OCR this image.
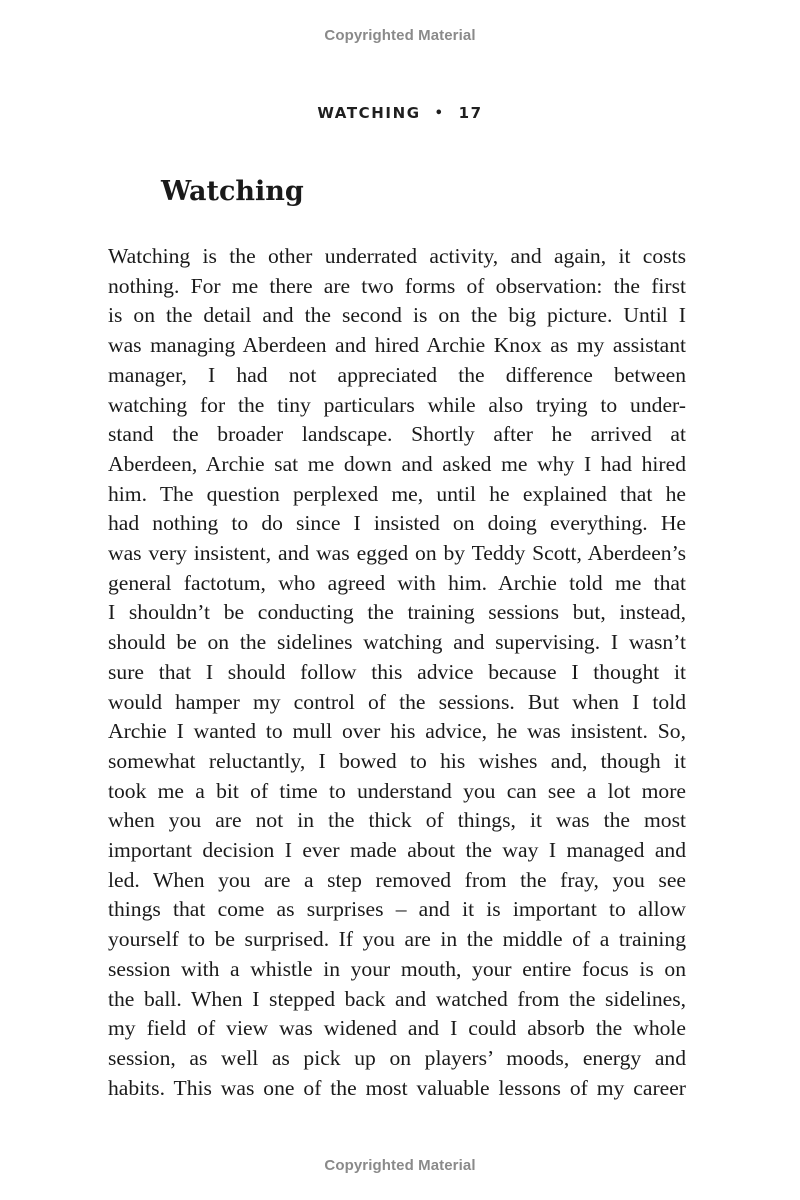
Copyrighted Material
WATCHING • 17
Watching
Watching is the other underrated activity, and again, it costs
nothing. For me there are two forms of observation: the first
is on the detail and the second is on the big picture. Until I
was managing Aberdeen and hired Archie Knox as my assistant
manager, I had not appreciated the difference between
watching for the tiny particulars while also trying to under-
stand the broader landscape. Shortly after he arrived at
Aberdeen, Archie sat me down and asked me why I had hired
him. The question perplexed me, until he explained that he
had nothing to do since I insisted on doing everything. He
was very insistent, and was egged on by Teddy Scott, Aberdeen’s
general factotum, who agreed with him. Archie told me that
I shouldn’t be conducting the training sessions but, instead,
should be on the sidelines watching and supervising. I wasn’t
sure that I should follow this advice because I thought it
would hamper my control of the sessions. But when I told
Archie I wanted to mull over his advice, he was insistent. So,
somewhat reluctantly, I bowed to his wishes and, though it
took me a bit of time to understand you can see a lot more
when you are not in the thick of things, it was the most
important decision I ever made about the way I managed and
led. When you are a step removed from the fray, you see
things that come as surprises – and it is important to allow
yourself to be surprised. If you are in the middle of a training
session with a whistle in your mouth, your entire focus is on
the ball. When I stepped back and watched from the sidelines,
my field of view was widened and I could absorb the whole
session, as well as pick up on players’ moods, energy and
habits. This was one of the most valuable lessons of my career
Copyrighted Material
